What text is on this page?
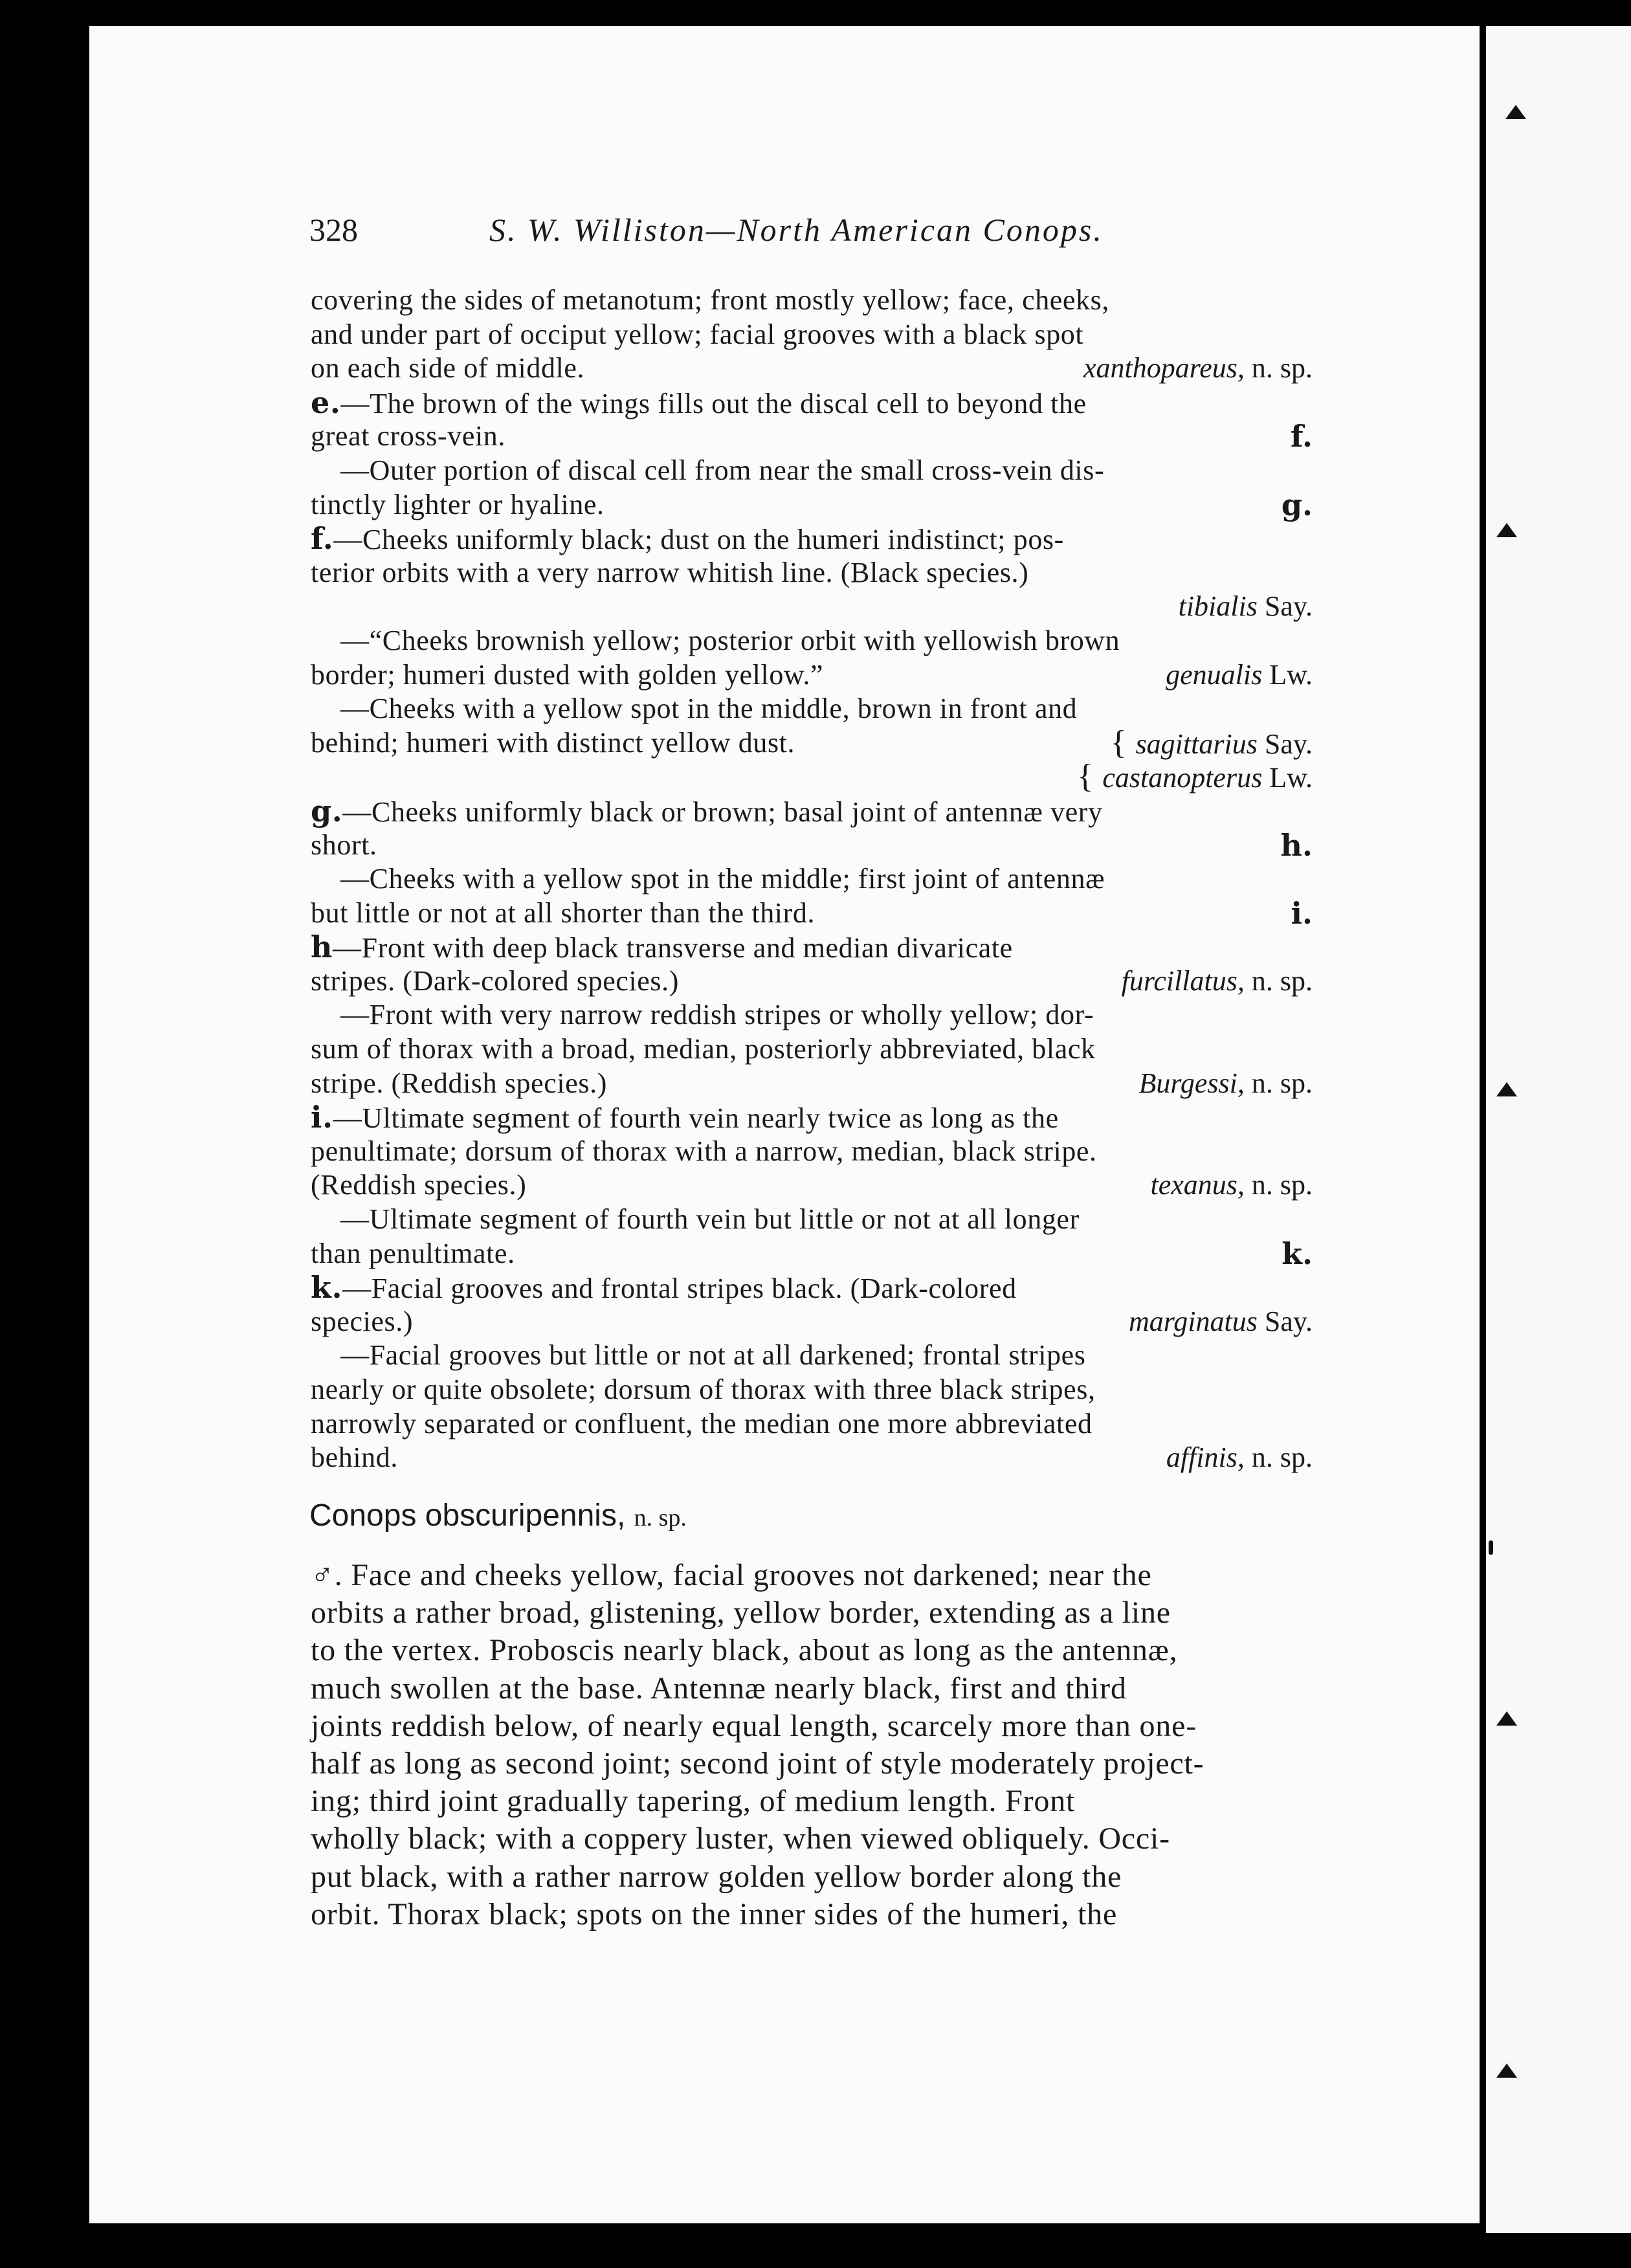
328	S. W. Williston—North American Conops.
covering the sides of metanotum; front mostly yellow; face, cheeks,
and under part of occiput yellow; facial grooves with a black spot
on each side of middle.	xanthopareus, n. sp.
e.—The brown of the wings fills out the discal cell to beyond the
great cross-vein.	f.
—Outer portion of discal cell from near the small cross-vein dis-
tinctly lighter or hyaline.	g.
f.—Cheeks uniformly black; dust on the humeri indistinct; pos-
terior orbits with a very narrow whitish line. (Black species.)
tibialis Say.
—“Cheeks brownish yellow; posterior orbit with yellowish brown
border; humeri dusted with golden yellow.”	genualis Lw.
—Cheeks with a yellow spot in the middle, brown in front and
behind; humeri with distinct yellow dust.	{ sagittarius Say.
{ castanopterus Lw.
g.—Cheeks uniformly black or brown; basal joint of antennæ very
short.	h.
—Cheeks with a yellow spot in the middle; first joint of antennæ
but little or not at all shorter than the third.	i.
h—Front with deep black transverse and median divaricate
stripes. (Dark-colored species.)	furcillatus, n. sp.
—Front with very narrow reddish stripes or wholly yellow; dor-
sum of thorax with a broad, median, posteriorly abbreviated, black
stripe. (Reddish species.)	Burgessi, n. sp.
i.—Ultimate segment of fourth vein nearly twice as long as the
penultimate; dorsum of thorax with a narrow, median, black stripe.
(Reddish species.)	texanus, n. sp.
—Ultimate segment of fourth vein but little or not at all longer
than penultimate.	k.
k.—Facial grooves and frontal stripes black. (Dark-colored
species.)	marginatus Say.
—Facial grooves but little or not at all darkened; frontal stripes
nearly or quite obsolete; dorsum of thorax with three black stripes,
narrowly separated or confluent, the median one more abbreviated
behind.	affinis, n. sp.
Conops obscuripennis, n. sp.
♂. Face and cheeks yellow, facial grooves not darkened; near the
orbits a rather broad, glistening, yellow border, extending as a line
to the vertex. Proboscis nearly black, about as long as the antennæ,
much swollen at the base. Antennæ nearly black, first and third
joints reddish below, of nearly equal length, scarcely more than one-
half as long as second joint; second joint of style moderately project-
ing; third joint gradually tapering, of medium length. Front
wholly black; with a coppery luster, when viewed obliquely. Occi-
put black, with a rather narrow golden yellow border along the
orbit. Thorax black; spots on the inner sides of the humeri, the
